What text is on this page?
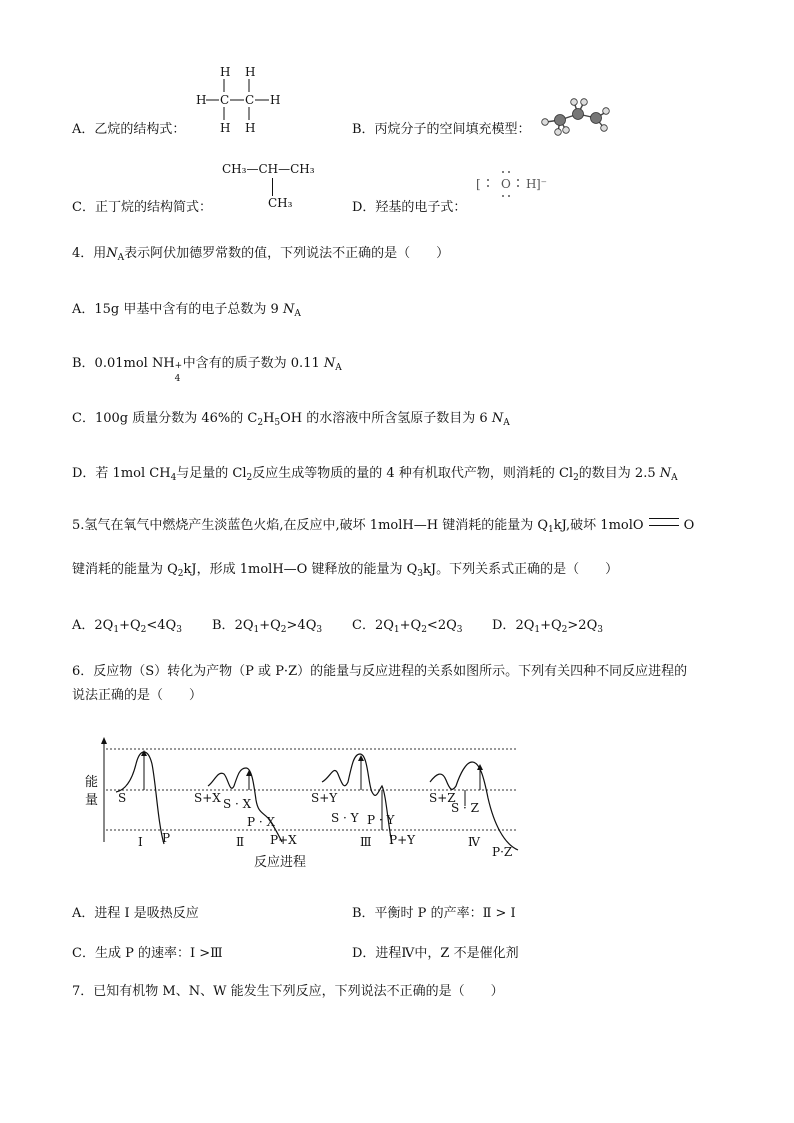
H H
H C C H
H H
A．乙烷的结构式：	B．丙烷分子的空间填充模型：
CH₃—CH—CH₃
CH₃
C．正丁烷的结构简式：	D．羟基的电子式：
[ O H ]⁻
4．用$N_A$表示阿伏加德罗常数的值，下列说法不正确的是（　　）
A．15g 甲基中含有的电子总数为 9 $N_A$
B．0.01mol NH +
4
中含有的质子数为 0.11 $N_A$
C．100g 质量分数为 46%的 $C_2H_5OH$ 的水溶液中所含氢原子数目为 6 $N_A$
D．若 1mol $CH_4$与足量的 $Cl_2$反应生成等物质的量的 4 种有机取代产物，则消耗的 $Cl_2$的数目为 2.5 $N_A$
5.氢气在氧气中燃烧产生淡蓝色火焰,在反应中,破坏 1molH—H 键消耗的能量为 $Q_1kJ$,破坏 1molO	O
键消耗的能量为 $Q_2kJ$，形成 1molH—O 键释放的能量为 $Q_3kJ$。下列关系式正确的是（　　）
A．$2Q_1+Q_2<4Q_3$ B．$2Q_1+Q_2>4Q_3$ C．$2Q_1+Q_2<2Q_3$ D．$2Q_1+Q_2>2Q_3$
6．反应物（S）转化为产物（P 或 P·Z）的能量与反应进程的关系如图所示。下列有关四种不同反应进程的
说法正确的是（　　）
能
量 S
I P
S+X S · X
P · X
P+X
Ⅱ
S+Y
S · Y P · Y
P+Y
Ⅲ
S+Z
S · Z
Ⅳ
P·Z
反应进程
A．进程 I 是吸热反应	B．平衡时 P 的产率：Ⅱ > I
C．生成 P 的速率：I >Ⅲ	D．进程Ⅳ中，Z 不是催化剂
7．已知有机物 M、N、W 能发生下列反应，下列说法不正确的是（　　）
